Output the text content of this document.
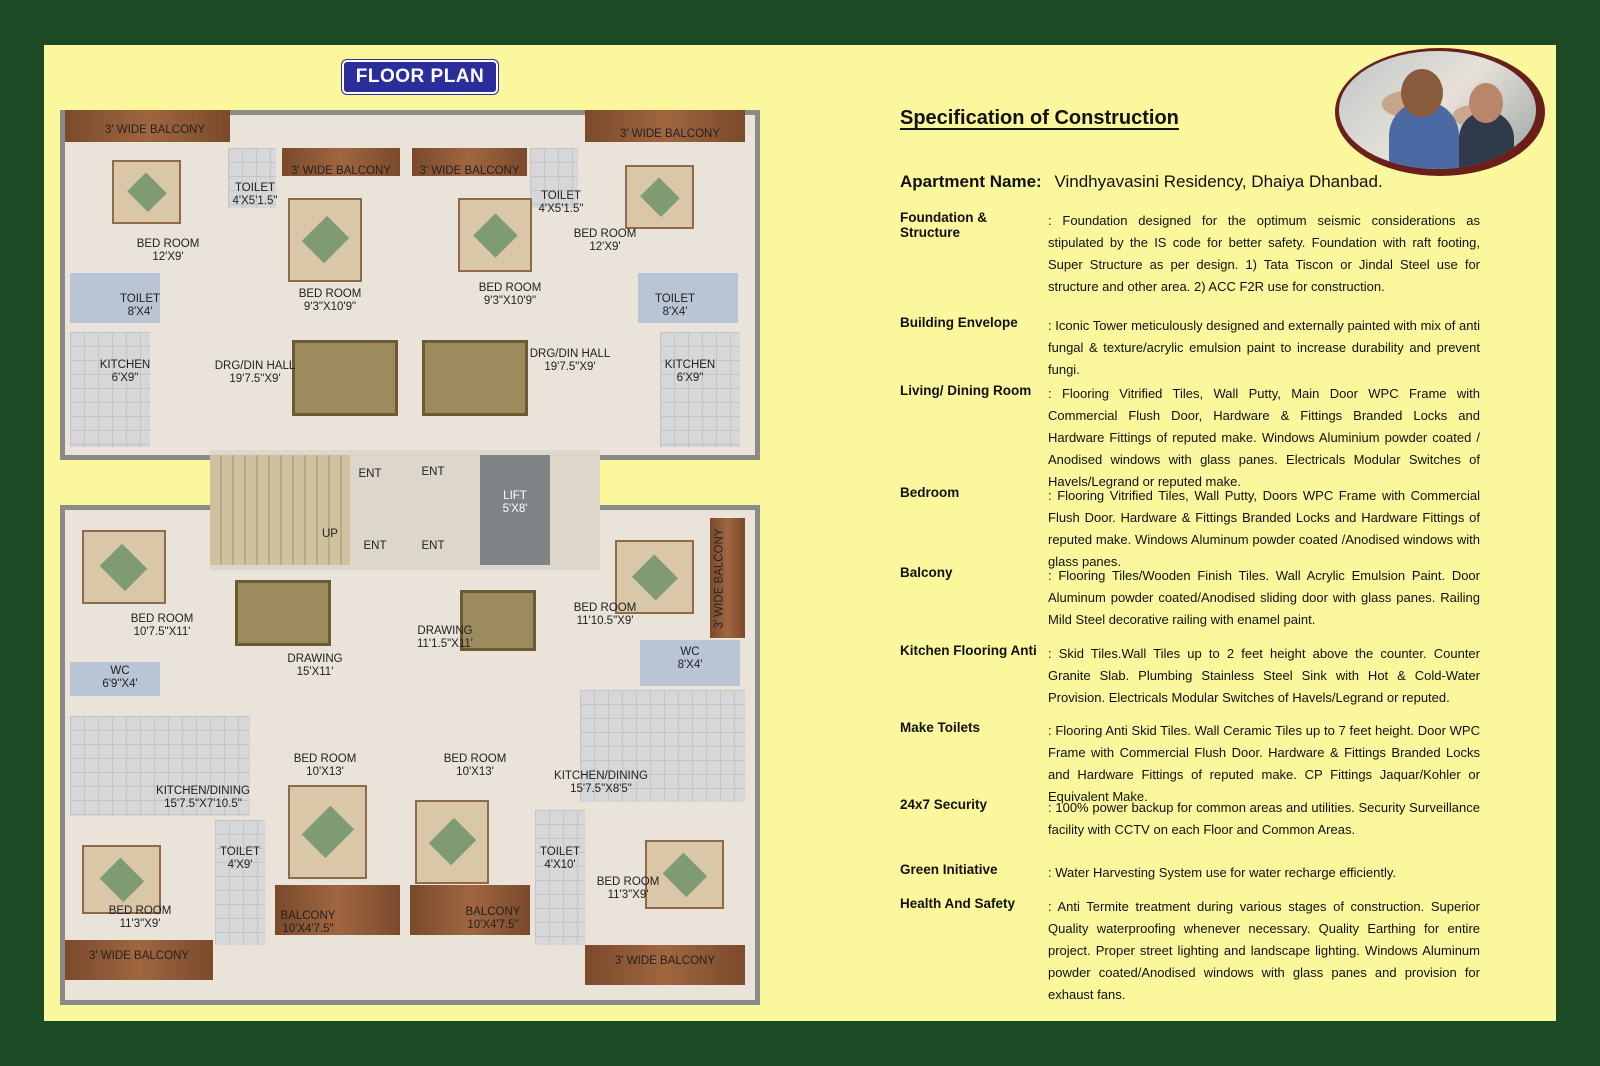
FLOOR PLAN
3' WIDE BALCONY	3' WIDE BALCONY
3' WIDE BALCONY	3' WIDE BALCONY
TOILET
4'X5'1.5"	TOILET
4'X5'1.5"
BED ROOM
12'X9'
BED ROOM
12'X9'
TOILET
8'X4'
TOILET
8'X4'
BED ROOM
9'3"X10'9"
BED ROOM
9'3"X10'9"
KITCHEN
6'X9"
KITCHEN
6'X9"
DRG/DIN HALL
19'7.5"X9'
DRG/DIN HALL
19'7.5"X9'
ENT	ENT
ENT	ENT
LIFT
5'X8'
UP
BED ROOM
10'7.5"X11'
BED ROOM
11'10.5"X9'	3' WIDE BALCONY
DRAWING
15'X11'
DRAWING
11'1.5"X11'
WC
6'9"X4'
WC
8'X4'
BED ROOM
10'X13'
BED ROOM
10'X13'
KITCHEN/DINING
15'7.5"X7'10.5"
KITCHEN/DINING
15'7.5"X8'5"
TOILET
4'X9'
TOILET
4'X10'
BED ROOM
11'3"X9'
BED ROOM
11'3"X9'
BALCONY
10'X4'7.5"
BALCONY
10'X4'7.5"
3' WIDE BALCONY	3' WIDE BALCONY
Specification of Construction
Apartment Name: Vindhyavasini Residency, Dhaiya Dhanbad.
Foundation & Structure
: Foundation designed for the optimum seismic considerations as stipulated by the IS code for better safety. Foundation with raft footing, Super Structure as per design. 1) Tata Tiscon or Jindal Steel use for structure and other area. 2) ACC F2R use for construction.
Building Envelope	: Iconic Tower meticulously designed and externally painted with mix of anti fungal & texture/acrylic emulsion paint to increase durability and prevent fungi.
Living/ Dining Room	: Flooring Vitrified Tiles, Wall Putty, Main Door WPC Frame with Commercial Flush Door, Hardware & Fittings Branded Locks and Hardware Fittings of reputed make. Windows Aluminium powder coated / Anodised windows with glass panes. Electricals Modular Switches of Havels/Legrand or reputed make.
Bedroom	: Flooring Vitrified Tiles, Wall Putty, Doors WPC Frame with Commercial Flush Door. Hardware & Fittings Branded Locks and Hardware Fittings of reputed make. Windows Aluminum powder coated /Anodised windows with glass panes.
Balcony	: Flooring Tiles/Wooden Finish Tiles. Wall Acrylic Emulsion Paint. Door Aluminum powder coated/Anodised sliding door with glass panes. Railing Mild Steel decorative railing with enamel paint.
Kitchen Flooring Anti : Skid Tiles.Wall Tiles up to 2 feet height above the counter. Counter Granite Slab. Plumbing Stainless Steel Sink with Hot & Cold-Water Provision. Electricals Modular Switches of Havels/Legrand or reputed.
Make Toilets	: Flooring Anti Skid Tiles. Wall Ceramic Tiles up to 7 feet height. Door WPC Frame with Commercial Flush Door. Hardware & Fittings Branded Locks and Hardware Fittings of reputed make. CP Fittings Jaquar/Kohler or Equivalent Make.
24x7 Security	: 100% power backup for common areas and utilities. Security Surveillance facility with CCTV on each Floor and Common Areas.
Green Initiative	: Water Harvesting System use for water recharge efficiently.
Health And Safety	: Anti Termite treatment during various stages of construction. Superior Quality waterproofing whenever necessary. Quality Earthing for entire project. Proper street lighting and landscape lighting. Windows Aluminum powder coated/Anodised windows with glass panes and provision for exhaust fans.
